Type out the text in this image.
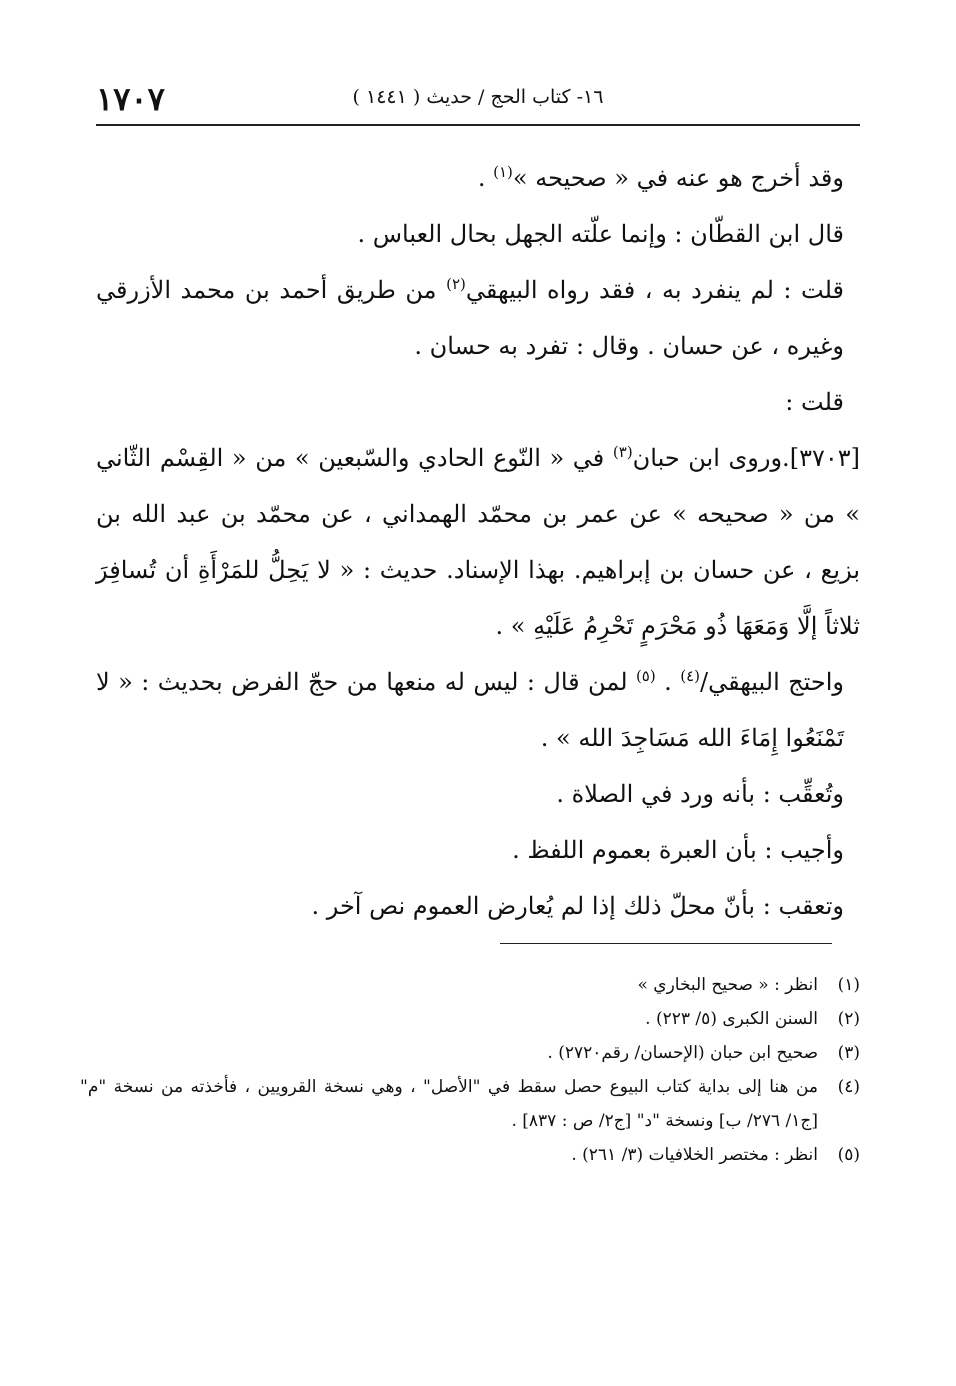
١٦- كتاب الحج / حديث ( ١٤٤١ )
١٧٠٧

وقد أخرج هو عنه في « صحيحه »$^{(١)}$ .

قال ابن القطّان : وإنما علّته الجهل بحال العباس .

قلت : لم ينفرد به ، فقد رواه البيهقي$^{(٢)}$ من طريق أحمد بن محمد الأزرقي وغيره ، عن حسان . وقال : تفرد به حسان .

قلت :

[٣٧٠٣].وروى ابن حبان$^{(٣)}$ في « النّوع الحادي والسّبعين » من « القِسْم الثّاني » من « صحيحه » عن عمر بن محمّد الهمداني ، عن محمّد بن عبد الله بن بزيع ، عن حسان بن إبراهيم. بهذا الإسناد. حديث : « لا يَحِلُّ للمَرْأَةِ أن تُسافِرَ ثلاثاً إلَّا وَمَعَهَا ذُو مَحْرَمٍ تَحْرِمُ عَلَيْهِ » .

واحتج البيهقي/$^{(٤)}$ . $^{(٥)}$ لمن قال : ليس له منعها من حجّ الفرض بحديث : « لا تَمْنَعُوا إِمَاءَ الله مَسَاجِدَ الله » .

وتُعقِّب : بأنه ورد في الصلاة .

وأجيب : بأن العبرة بعموم اللفظ .

وتعقب : بأنّ محلّ ذلك إذا لم يُعارض العموم نص آخر .

(١)
انظر : « صحيح البخاري »
(٢)
السنن الكبرى (٥/ ٢٢٣) .
(٣)
صحيح ابن حبان (الإحسان/ رقم٢٧٢٠) .
(٤)
من هنا إلى بداية كتاب البيوع حصل سقط في "الأصل" ، وهي نسخة القرويين ، فأخذته من نسخة "م" [ج١/ ٢٧٦/ ب] ونسخة "د" [ج٢/ ص : ٨٣٧] .
(٥)
انظر : مختصر الخلافيات (٣/ ٢٦١) .
